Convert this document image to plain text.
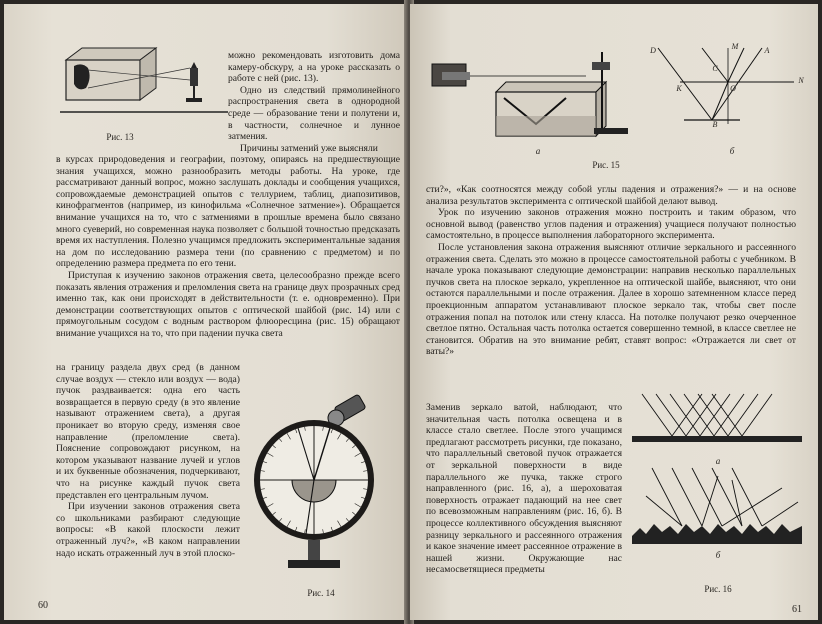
Рис. 13

можно рекомендовать изготовить дома камеру-обскуру, а на уроке рассказать о работе с ней (рис. 13).

Одно из следствий прямолинейного распространения света в однородной среде — образование тени и полутени и, в частности, солнечное и лунное затмения.

Причины затмений уже выясняли

в курсах природоведения и географии, поэтому, опираясь на предшествующие знания учащихся, можно разнообразить методы рaботы. На уроке, где рассматривают данный вопрос, можно заслушать доклады и сообщения учащихся, сопровождаемые демонстрацией опытов с теллурием, таблиц, диапозитивов, кинофрагментов (например, из кинофильма «Солнечное затмение»). Обращается внимание учащихся на то, что с затмениями в прошлые времена было связано много суеверий, но современная наука позволяет с большой точностью предсказать время их наступления. Полезно учащимся предложить экспериментальные задания на дом по исследованию размера тени (по сравнению с предметом) и по определению размера предмета по его тени.

Приступая к изучению законов отражения света, целесообразно прежде всего показать явления отражения и преломления света на границе двух прозрачных сред именно так, как они происходят в действительности (т. е. одновременно). При демонстрации соответствующих опытов с оптической шайбой (рис. 14) или с прямоугольным сосудом с водным раствором флюоресцина (рис. 15) обращают внимание учащихся на то, что при падении пучка света

на границу раздела двух сред (в данном случае воздух — стекло или воздух — вода) пучок раздваивается: одна его часть возвращается в первую среду (в это явление называют отражением света), а другая проникает во вторую среду, изменяя свое направление (преломление света). Пояснение сопровождают рисунком, на котором указывают название лучей и углов и их буквенные обозначения, подчеркивают, что на рисунке каждый пучок света представлен его центральным лучом.

При изучении законов отражения света со школьниками разбирают следующие вопросы: «В какой плоскости лежит отраженный луч?», «В каком направлении надо искать отраженный луч в этой плоско-

Рис. 14
60
а	б
D	M	A
C
K	O
N
B
Рис. 15

сти?», «Как соотносятся между собой углы падения и отражения?» — и на основе анализа результатов эксперимента с оптической шайбой делают вывод.

Урок по изучению законов отражения можно построить и таким образом, что основной вывод (равенство углов падения и отражения) учащиеся получают полностью самостоятельно, в процессе выполнения лабораторного эксперимента.

После установления закона отражения выясняют отличие зеркального и рассеянного отражения света. Сделать это можно в процессе самостоятельной работы с учебником. В начале урока показывают следующие демонстрации: направив несколько параллельных пучков света на плоское зеркало, укрепленное на оптической шайбе, выясняют, что они остаются параллельными и после отражения. Далее в хорошо затемненном классе перед проекционным аппаратом устанавливают плоское зеркало так, чтобы свет после отражения попал на потолок или стену класса. На потолке получают резко очерченное светлое пятно. Остальная часть потолка остается совершенно темной, в классе светлее не становится. Обратив на это внимание ребят, ставят вопрос: «Отражается ли свет от ваты?»

Заменив зеркало ватой, наблюдают, что значительная часть потолка освещена и в классе стало светлее. После этого учащимся предлагают рассмотреть рисунки, где показано, что параллельный световой пучок отражается от зеркальной поверхности в виде параллельного же пучка, также строго направленного (рис. 16, а), а шероховатая поверхность отражает падающий на нее свет по всевозможным направлениям (рис. 16, б). В процессе коллективного обсуждения выясняют разницу зеркального и рассеянного отражения и какое значение имеет рассеянное отражение в нашей жизни. Окружающие нас несамосветящиеся предметы

а
б
Рис. 16
61
